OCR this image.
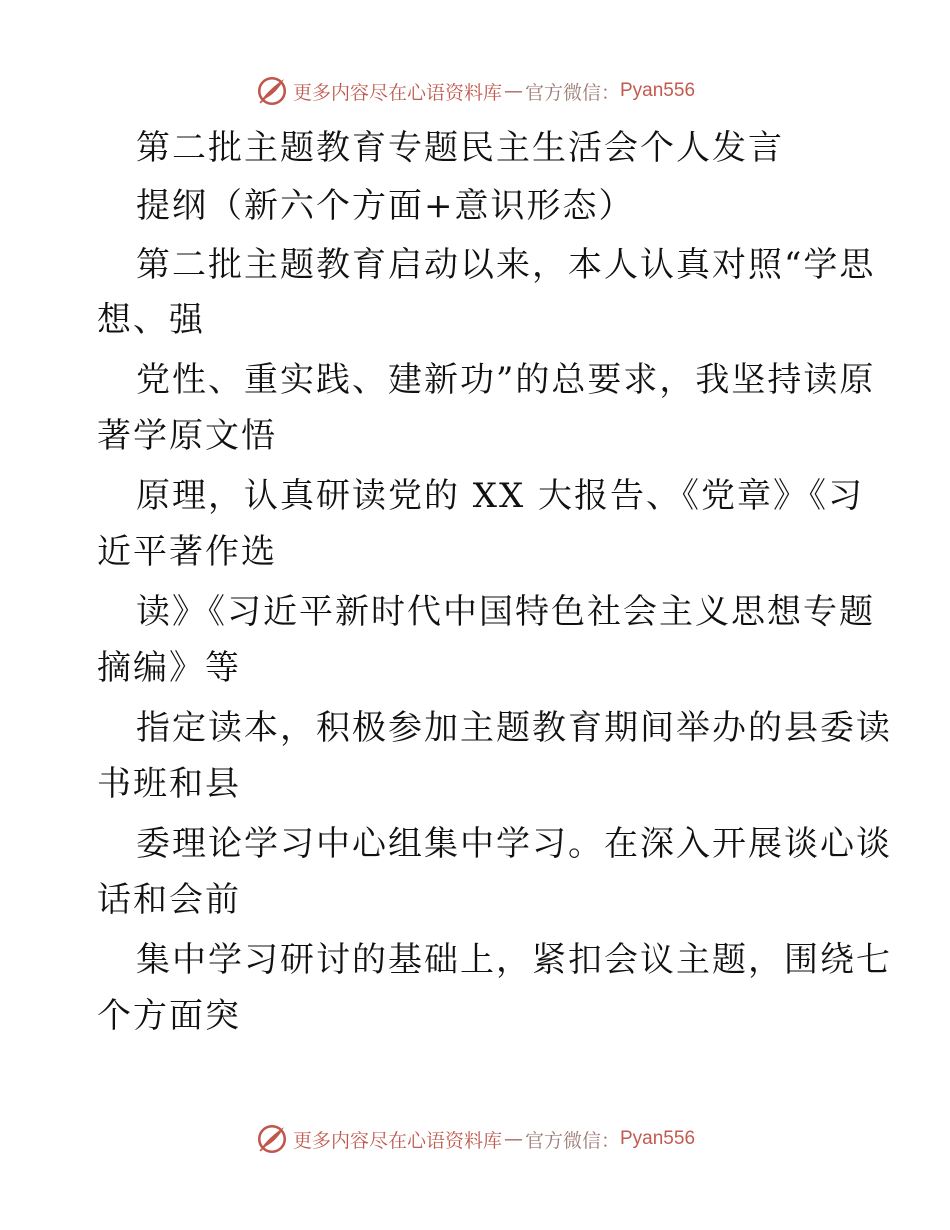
更多内容尽在心语资料库 — 官方微信： Pyan556
第二批主题教育专题民主生活会个人发言
提纲（新六个方面+意识形态）
第二批主题教育启动以来，本人认真对照“学思
想、强
党性、重实践、建新功”的总要求，我坚持读原
著学原文悟
原理，认真研读党的 XX 大报告、《党章》《习
近平著作选
读》《习近平新时代中国特色社会主义思想专题
摘编》等
指定读本，积极参加主题教育期间举办的县委读
书班和县
委理论学习中心组集中学习。在深入开展谈心谈
话和会前
集中学习研讨的基础上，紧扣会议主题，围绕七
个方面突
更多内容尽在心语资料库 — 官方微信： Pyan556
